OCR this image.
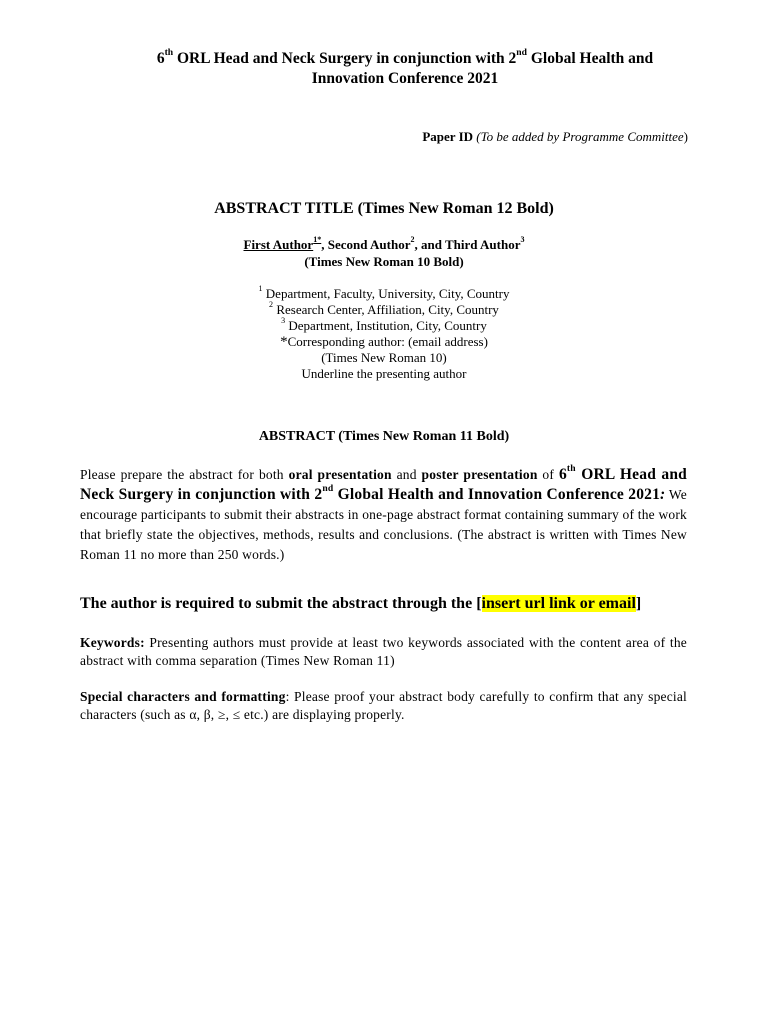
6th ORL Head and Neck Surgery in conjunction with 2nd Global Health and
Innovation Conference 2021
Paper ID (To be added by Programme Committee)
ABSTRACT TITLE (Times New Roman 12 Bold)
First Author$^{1*}$, Second Author$^2$, and Third Author$^3$
(Times New Roman 10 Bold)
$^1$ Department, Faculty, University, City, Country
$^2$ Research Center, Affiliation, City, Country
$^3$ Department, Institution, City, Country
*Corresponding author: (email address)
(Times New Roman 10)
Underline the presenting author
ABSTRACT (Times New Roman 11 Bold)
Please prepare the abstract for both oral presentation and poster presentation of 6th ORL Head and Neck Surgery in conjunction with 2nd Global Health and Innovation Conference 2021: We encourage participants to submit their abstracts in one-page abstract format containing summary of the work that briefly state the objectives, methods, results and conclusions. (The abstract is written with Times New Roman 11 no more than 250 words.)
The author is required to submit the abstract through the [insert url link or email]
Keywords: Presenting authors must provide at least two keywords associated with the content area of the abstract with comma separation (Times New Roman 11)
Special characters and formatting: Please proof your abstract body carefully to confirm that any special characters (such as α, β, ≥, ≤ etc.) are displaying properly.
